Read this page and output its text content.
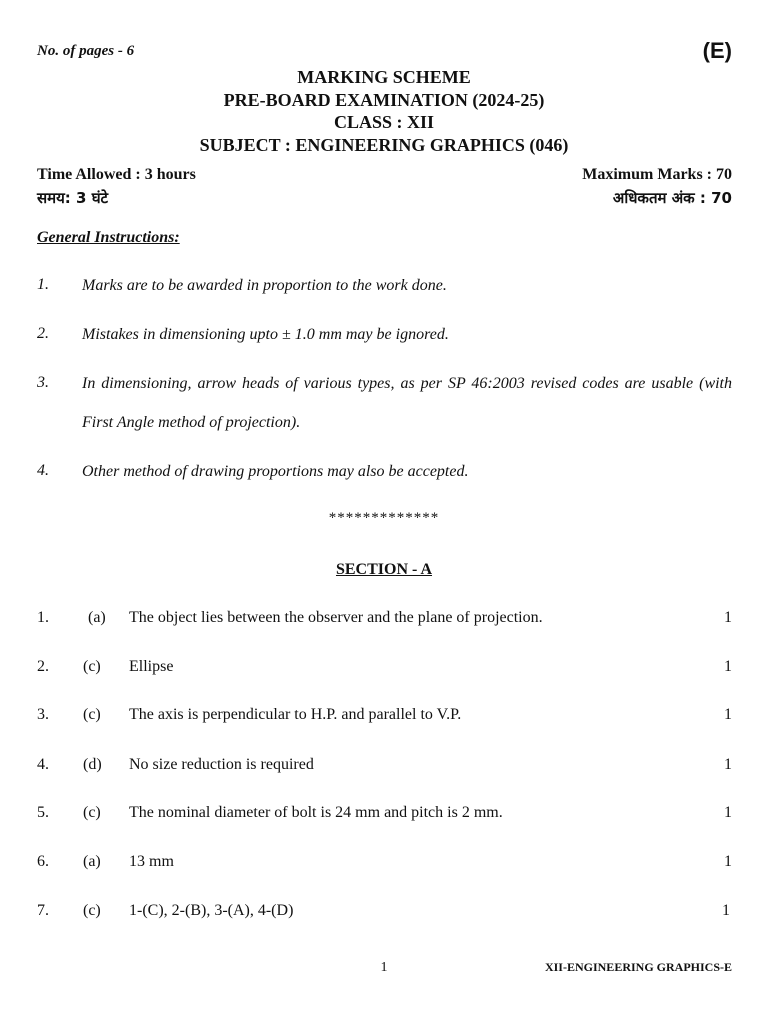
No. of pages - 6	(E)
MARKING SCHEME
PRE-BOARD EXAMINATION (2024-25)
CLASS : XII
SUBJECT : ENGINEERING GRAPHICS (046)
Time Allowed : 3 hours	Maximum Marks : 70
समय: 3 घंटे	अधिकतम अंक : 70
General Instructions:
1. Marks are to be awarded in proportion to the work done.
2. Mistakes in dimensioning upto ± 1.0 mm may be ignored.
3. In dimensioning, arrow heads of various types, as per SP 46:2003 revised codes are usable (with First Angle method of projection).
4. Other method of drawing proportions may also be accepted.
*************
SECTION - A
1. (a) The object lies between the observer and the plane of projection.	1
2. (c) Ellipse	1
3. (c) The axis is perpendicular to H.P. and parallel to V.P.	1
4. (d) No size reduction is required	1
5. (c) The nominal diameter of bolt is 24 mm and pitch is 2 mm.	1
6. (a) 13 mm	1
7. (c) 1-(C), 2-(B), 3-(A), 4-(D)	1
1	XII-ENGINEERING GRAPHICS-E
